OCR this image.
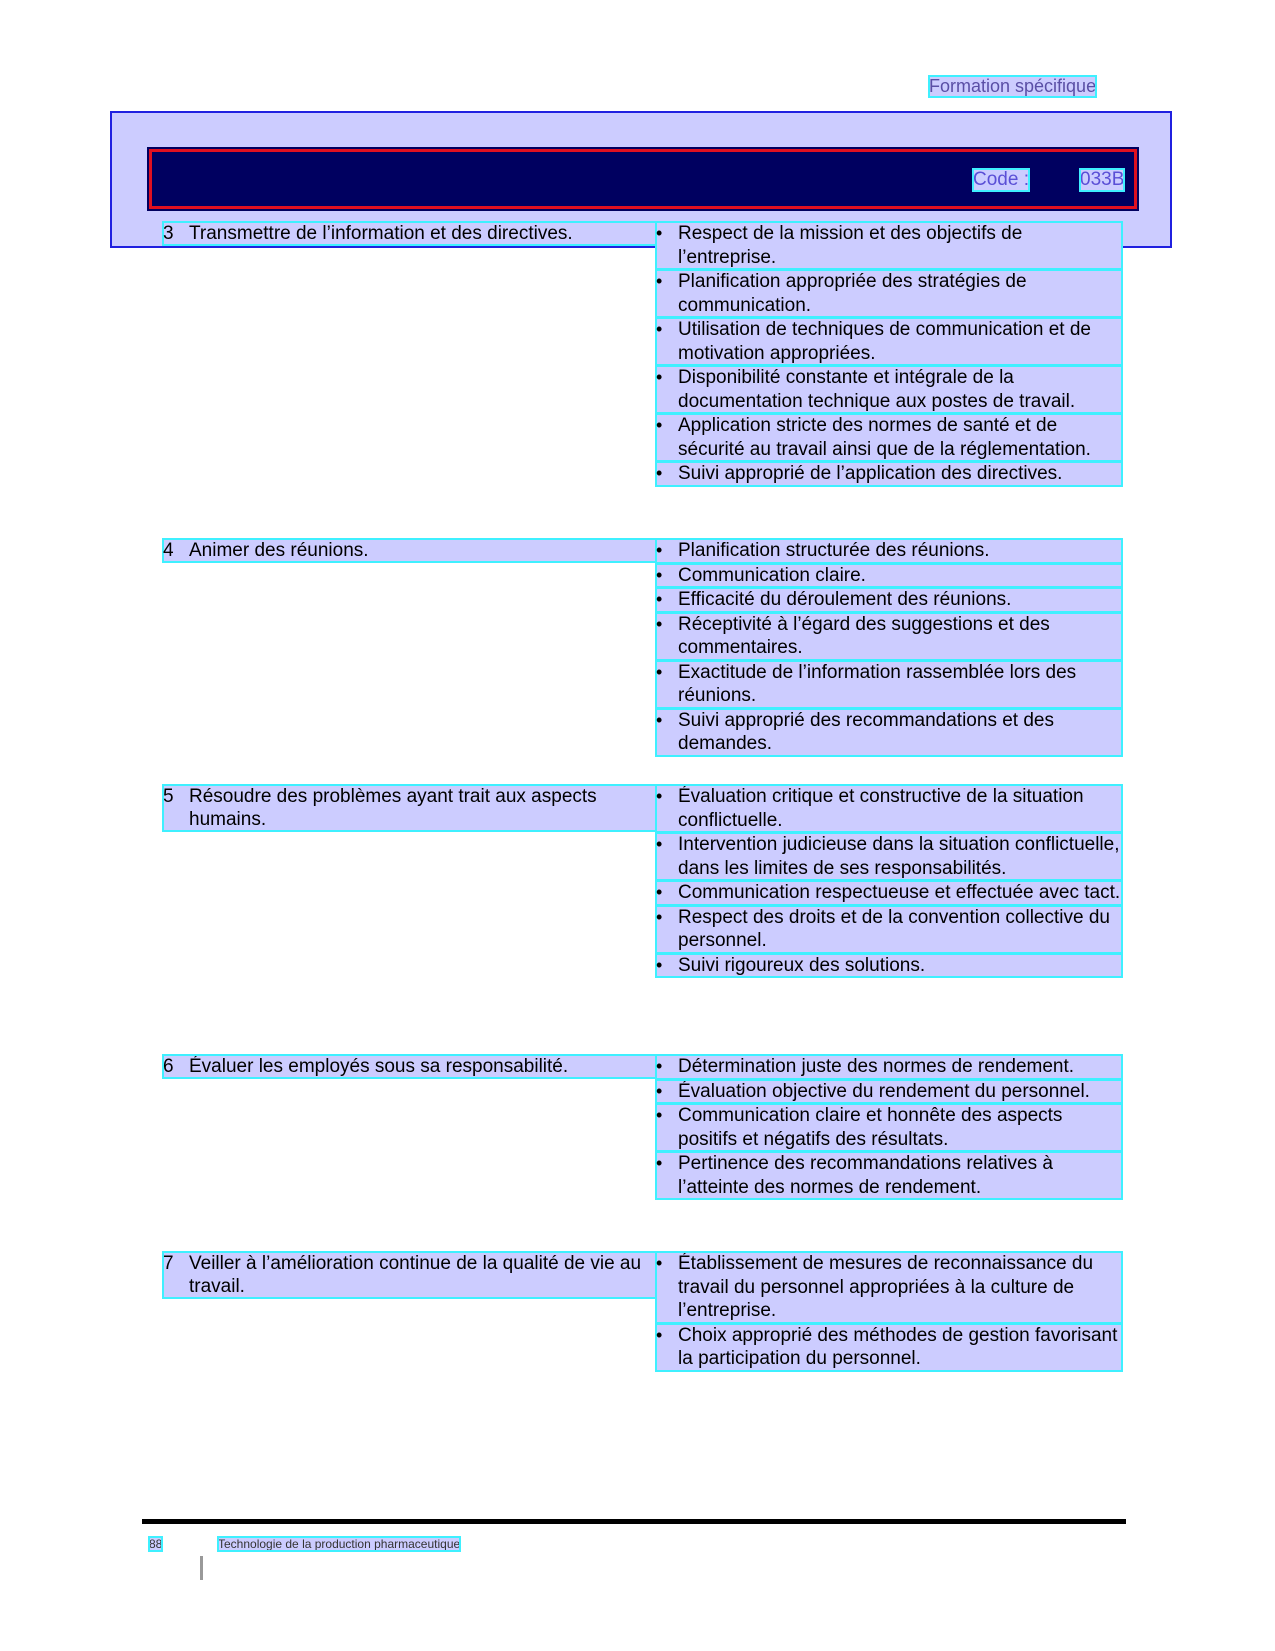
Formation spécifique
Code :	033B
3 Transmettre de l’information et des directives.	• Respect de la mission et des objectifs de l’entreprise.
• Planification appropriée des stratégies de communication.
• Utilisation de techniques de communication et de motivation appropriées.
• Disponibilité constante et intégrale de la documentation technique aux postes de travail.
• Application stricte des normes de santé et de sécurité au travail ainsi que de la réglementation.
• Suivi approprié de l’application des directives.
4 Animer des réunions.	• Planification structurée des réunions.
• Communication claire.
• Efficacité du déroulement des réunions.
• Réceptivité à l’égard des suggestions et des commentaires.
• Exactitude de l’information rassemblée lors des réunions.
• Suivi approprié des recommandations et des demandes.
5 Résoudre des problèmes ayant trait aux aspects humains.
• Évaluation critique et constructive de la situation conflictuelle.
• Intervention judicieuse dans la situation conflictuelle, dans les limites de ses responsabilités.
• Communication respectueuse et effectuée avec tact.
• Respect des droits et de la convention collective du personnel.
• Suivi rigoureux des solutions.
6 Évaluer les employés sous sa responsabilité.	• Détermination juste des normes de rendement.
• Évaluation objective du rendement du personnel.
• Communication claire et honnête des aspects positifs et négatifs des résultats.
• Pertinence des recommandations relatives à l’atteinte des normes de rendement.
7 Veiller à l’amélioration continue de la qualité de vie au travail.
• Établissement de mesures de reconnaissance du travail du personnel appropriées à la culture de l’entreprise.
• Choix approprié des méthodes de gestion favorisant la participation du personnel.
88	Technologie de la production pharmaceutique
